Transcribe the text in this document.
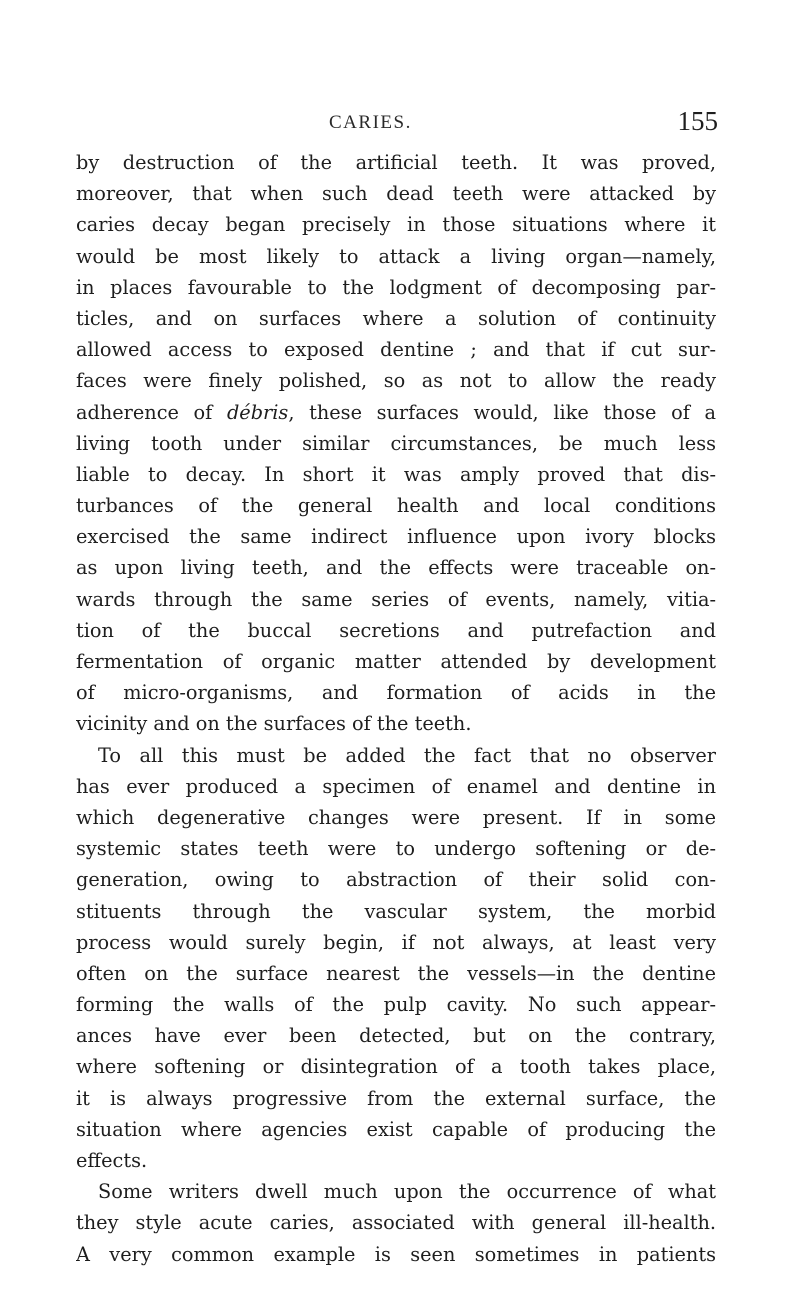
CARIES.	155
by destruction of the artificial teeth. It was proved,
moreover, that when such dead teeth were attacked by
caries decay began precisely in those situations where it
would be most likely to attack a living organ—namely,
in places favourable to the lodgment of decomposing par-
ticles, and on surfaces where a solution of continuity
allowed access to exposed dentine ; and that if cut sur-
faces were finely polished, so as not to allow the ready
adherence of débris, these surfaces would, like those of a
living tooth under similar circumstances, be much less
liable to decay. In short it was amply proved that dis-
turbances of the general health and local conditions
exercised the same indirect influence upon ivory blocks
as upon living teeth, and the effects were traceable on-
wards through the same series of events, namely, vitia-
tion of the buccal secretions and putrefaction and
fermentation of organic matter attended by development
of micro-organisms, and formation of acids in the
vicinity and on the surfaces of the teeth.
To all this must be added the fact that no observer
has ever produced a specimen of enamel and dentine in
which degenerative changes were present. If in some
systemic states teeth were to undergo softening or de-
generation, owing to abstraction of their solid con-
stituents through the vascular system, the morbid
process would surely begin, if not always, at least very
often on the surface nearest the vessels—in the dentine
forming the walls of the pulp cavity. No such appear-
ances have ever been detected, but on the contrary,
where softening or disintegration of a tooth takes place,
it is always progressive from the external surface, the
situation where agencies exist capable of producing the
effects.
Some writers dwell much upon the occurrence of what
they style acute caries, associated with general ill-health.
A very common example is seen sometimes in patients
